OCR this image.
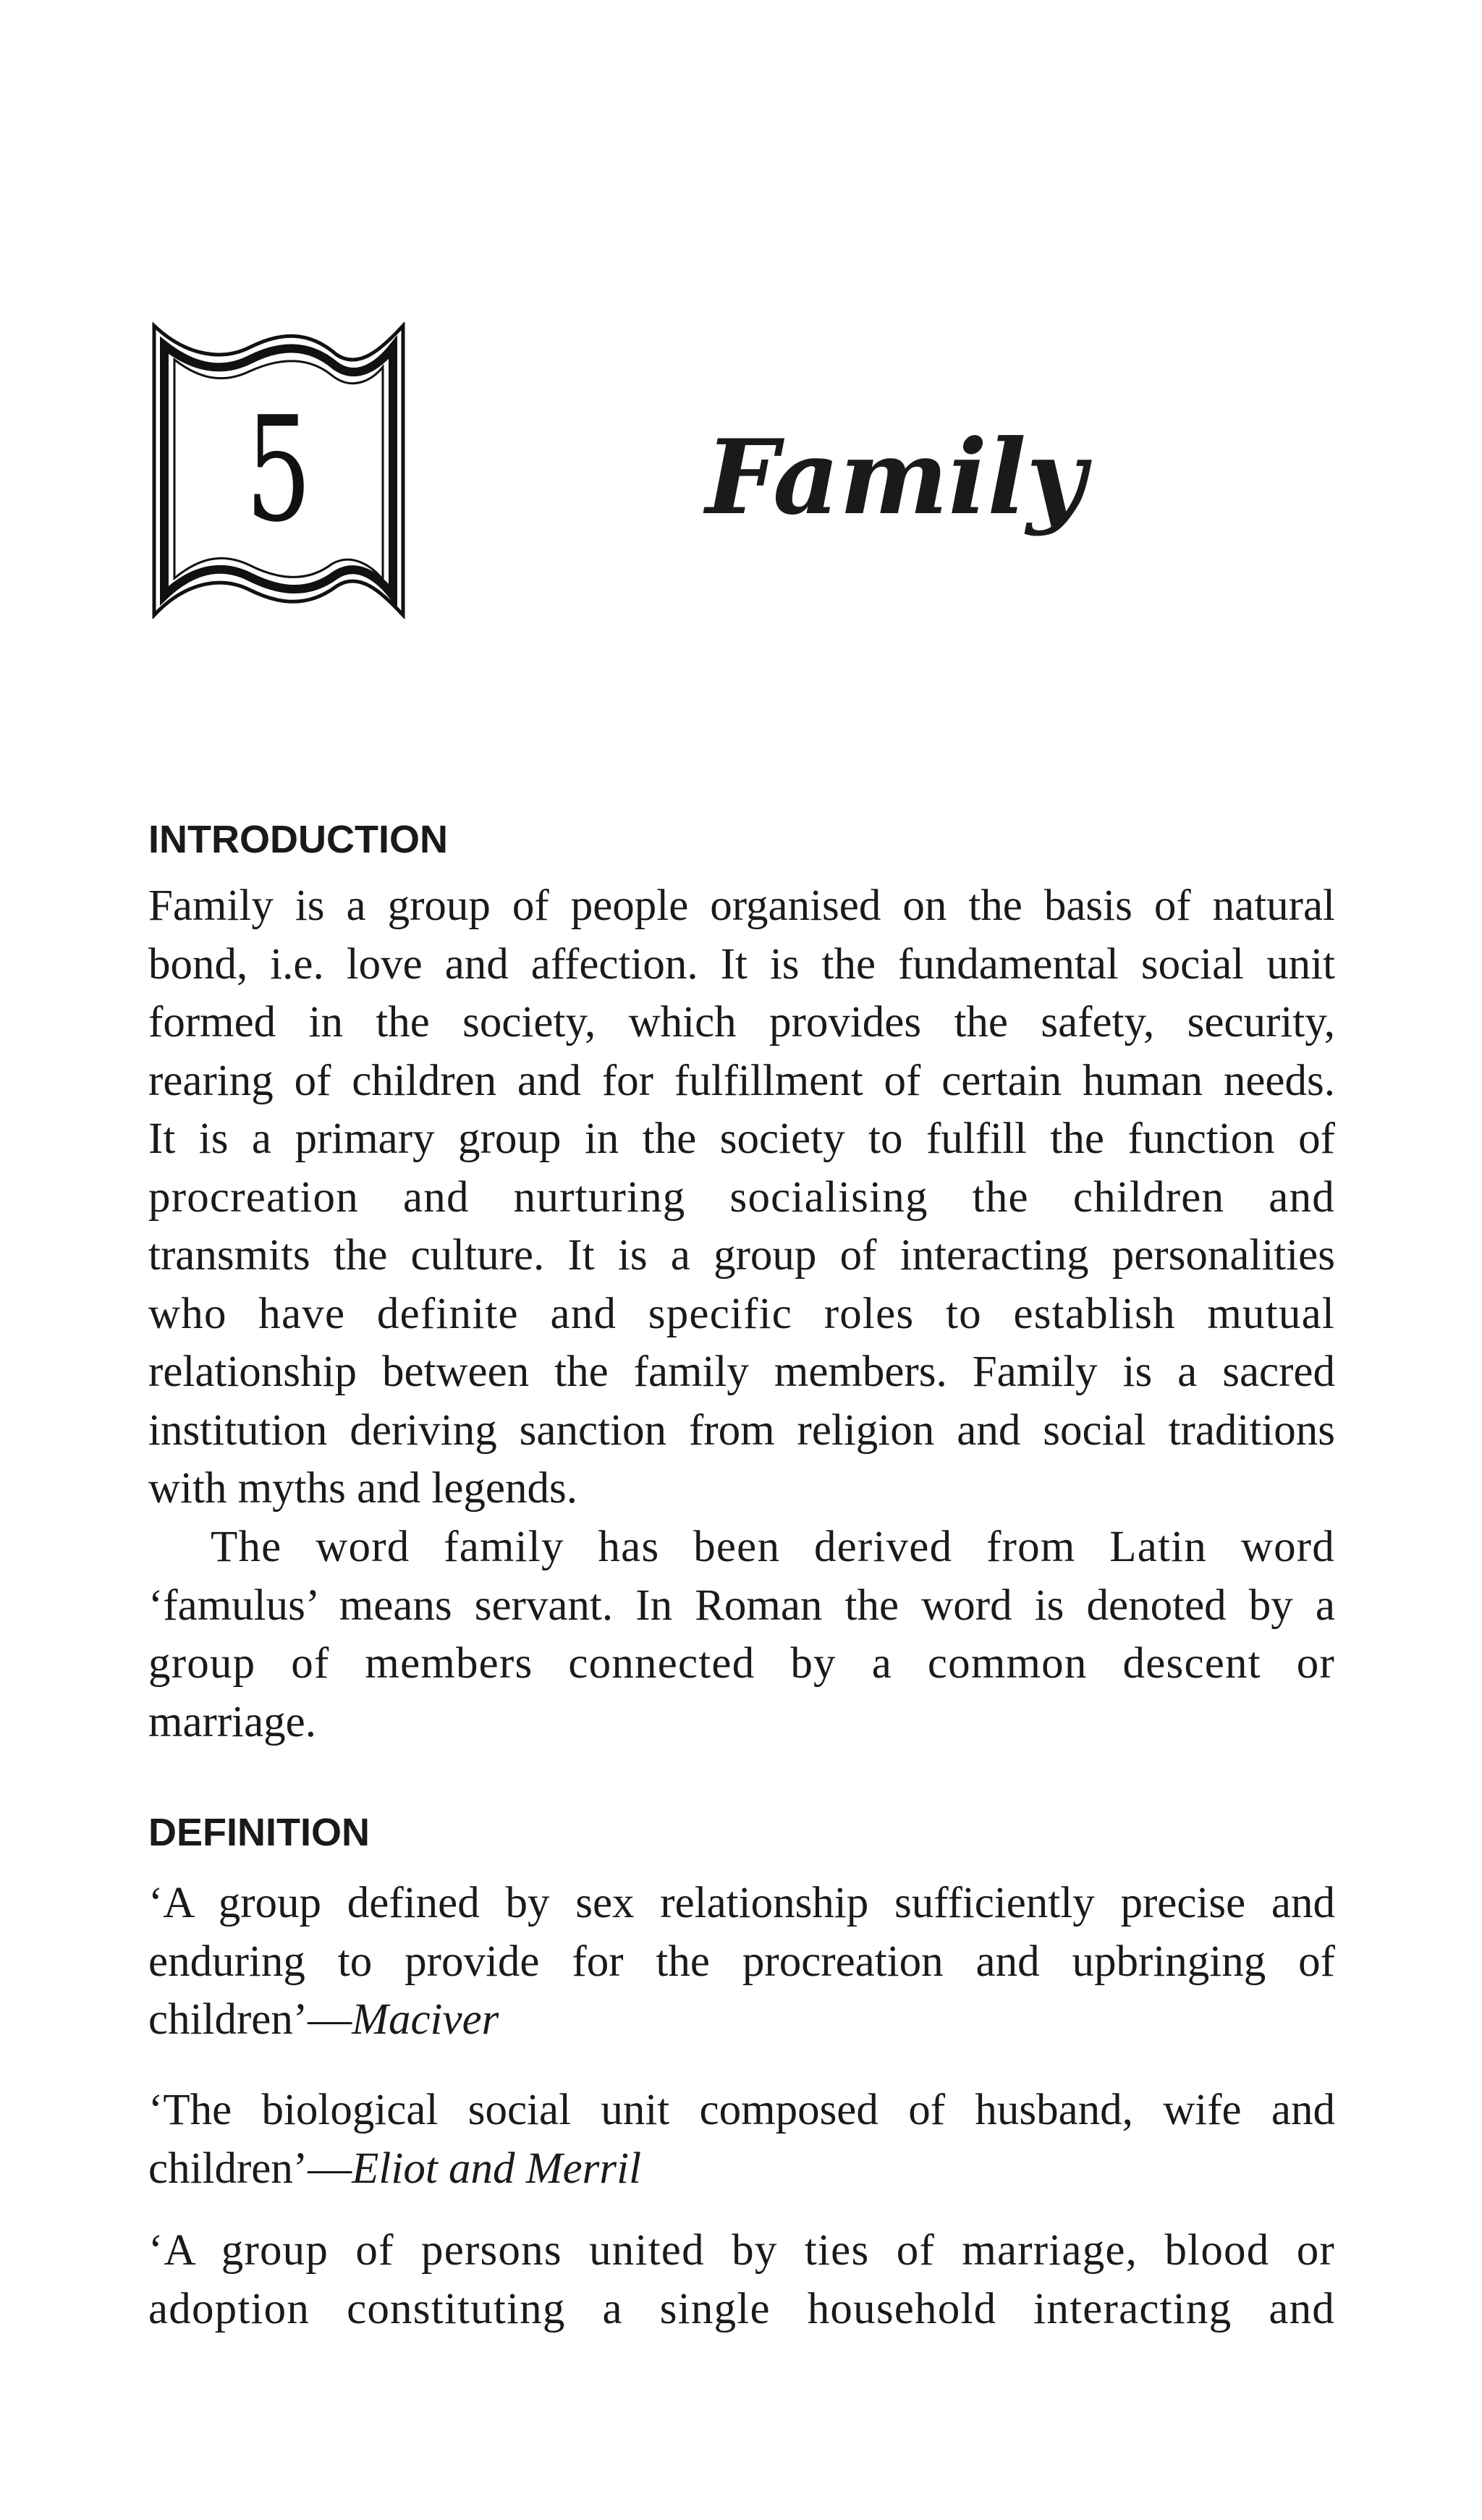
5	Family
INTRODUCTION
Family is a group of people organised on the basis of natural
bond, i.e. love and affection. It is the fundamental social unit
formed in the society, which provides the safety, security,
rearing of children and for fulfillment of certain human needs.
It is a primary group in the society to fulfill the function of
procreation and nurturing socialising the children and
transmits the culture. It is a group of interacting personalities
who have definite and specific roles to establish mutual
relationship between the family members. Family is a sacred
institution deriving sanction from religion and social traditions
with myths and legends.
The word family has been derived from Latin word
‘famulus’ means servant. In Roman the word is denoted by a
group of members connected by a common descent or
marriage.
DEFINITION
‘A group defined by sex relationship sufficiently precise and
enduring to provide for the procreation and upbringing of
children’—Maciver
‘The biological social unit composed of husband, wife and
children’—Eliot and Merril
‘A group of persons united by ties of marriage, blood or
adoption constituting a single household interacting and
